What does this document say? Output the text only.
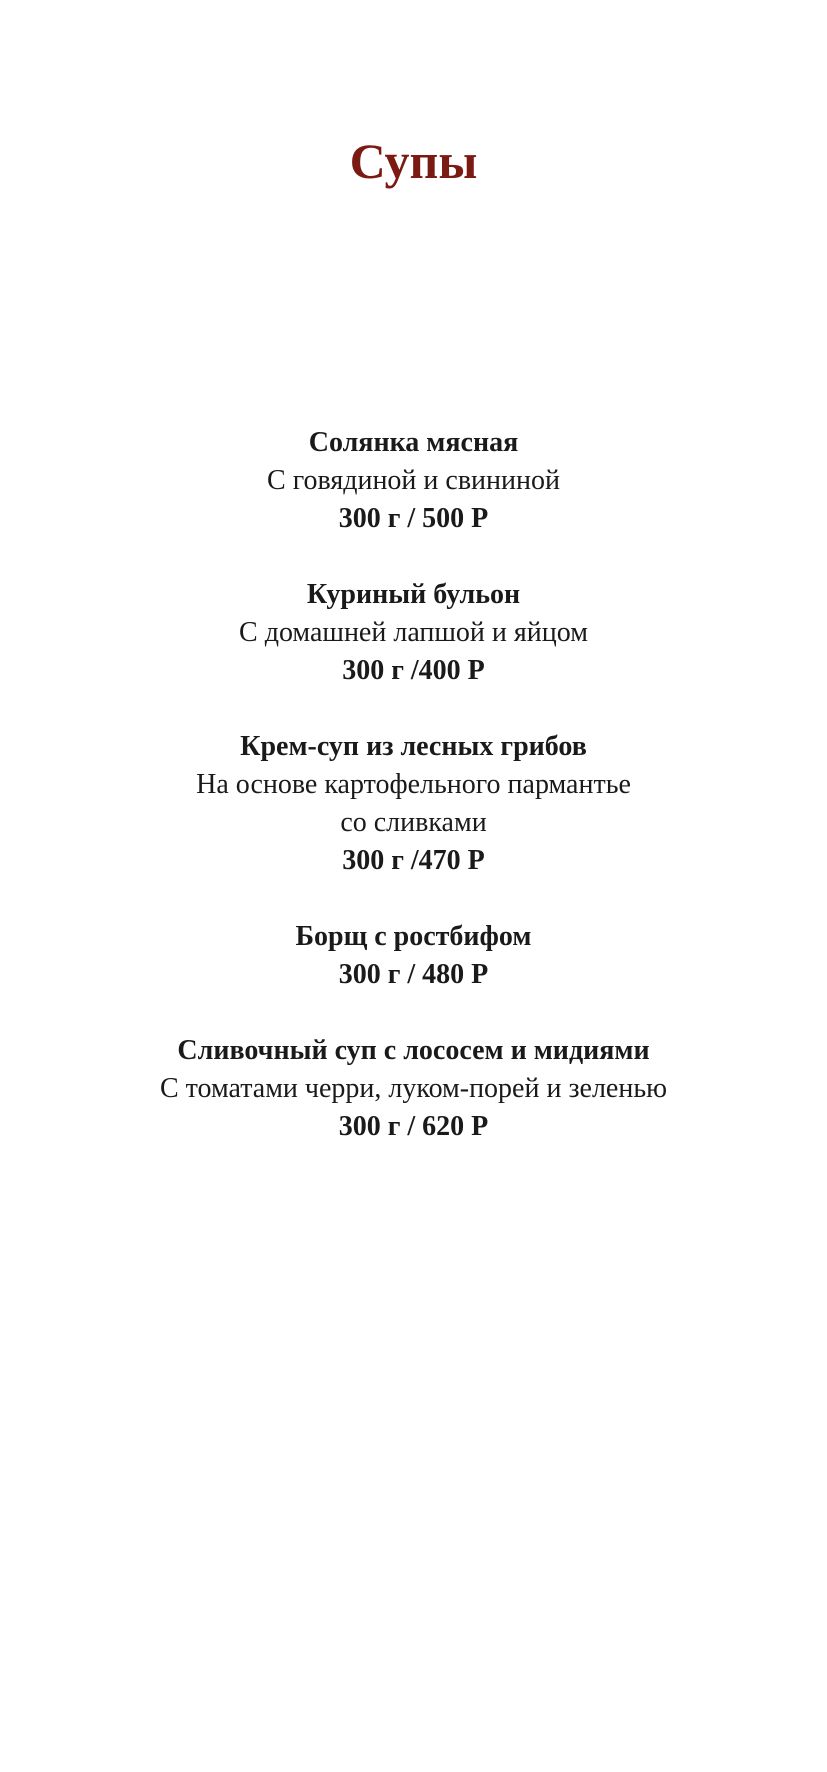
Супы
Солянка мясная
С говядиной и свининой
300 г / 500 Р
Куриный бульон
С домашней лапшой и яйцом
300 г /400 Р
Крем-суп из лесных грибов
На основе картофельного пармантье
со сливками
300 г /470 Р
Борщ с ростбифом
300 г / 480 Р
Сливочный суп с лососем и мидиями
С томатами черри, луком-порей и зеленью
300 г / 620 Р
